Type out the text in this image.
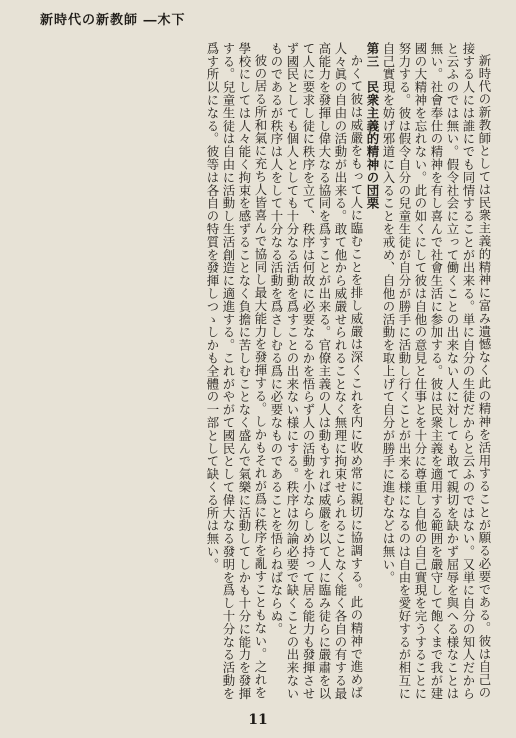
新時代の新教師 ―木下

新時代の新教師としては民衆主義的精神に富み遺憾なく此の精神を活用することが願る必要である。彼は自己の接する人には誰にでも同情することが出来る。単に自分の生徒だからと云ふのではない。又単に自分の知人だからと云ふのでは無い。假令社会に立って働くことの出来ない人に対しても敢て親切を缺かず屈辱を與へる様なことは無い。社會奉仕の精神を有し喜んで社會生活に参加する。彼は民衆主義を適用する範囲を嚴守して飽くまで我が建國の大精神を忘れない。此の如くにして彼は自他の意見と仕事とを十分に尊重し自他の自己實現を完うすることに努力する。彼は假令自分の兒童生徒が自分が勝手に活動し行くことが出来る様になるのは自由を愛好するが相互に自己實現を妨げ邪道に入ることを戒め、自他の活動を取上げて自分が勝手に進むなどは無い。

第三　民衆主義的精神の団栗

かくて彼は威嚴をもって人に臨むことを排し威嚴は深くこれを内に收め常に親切に協調する。此の精神で進めば人々眞の自由の活動が出来る。敢て他から威嚴せられることなく無理に拘束せられることなく能く各自の有する最高能力を發揮し偉大なる協同を爲すことが出来る。官僚主義の人は動もすれば威嚴を以て人に臨み徒らに嚴肅を以て人に要求し徒に秩序を立て、秩序は何故に必要なるかを悟らず人の活動を小ならしめ持って居る能力も發揮させず國民としても個人としても十分なる活動を爲すことの出来ない様にする。秩序は勿論必要で缺くことの出来ないものであるが秩序は人をして十分なる活動を爲さしむる爲に必要なものであることを悟らねばならぬ。

彼の居る所和氣に充ち人皆喜んで協同し最大能力を發揮する。しかもそれが爲に秩序を亂すこともない。之れを學校にしては人々能く拘束を感ずることなく負擔に苦しむことなく盛んで氣樂に活動してしかも十分に能力を發揮する。兒童生徒は自由に活動し生活創造に適進する。これがやがて國民として偉大なる發明を爲し十分なる活動を爲す所以になる。彼等は各自の特質を發揮しつゝしかも全體の一部として缺くる所は無い。

11
